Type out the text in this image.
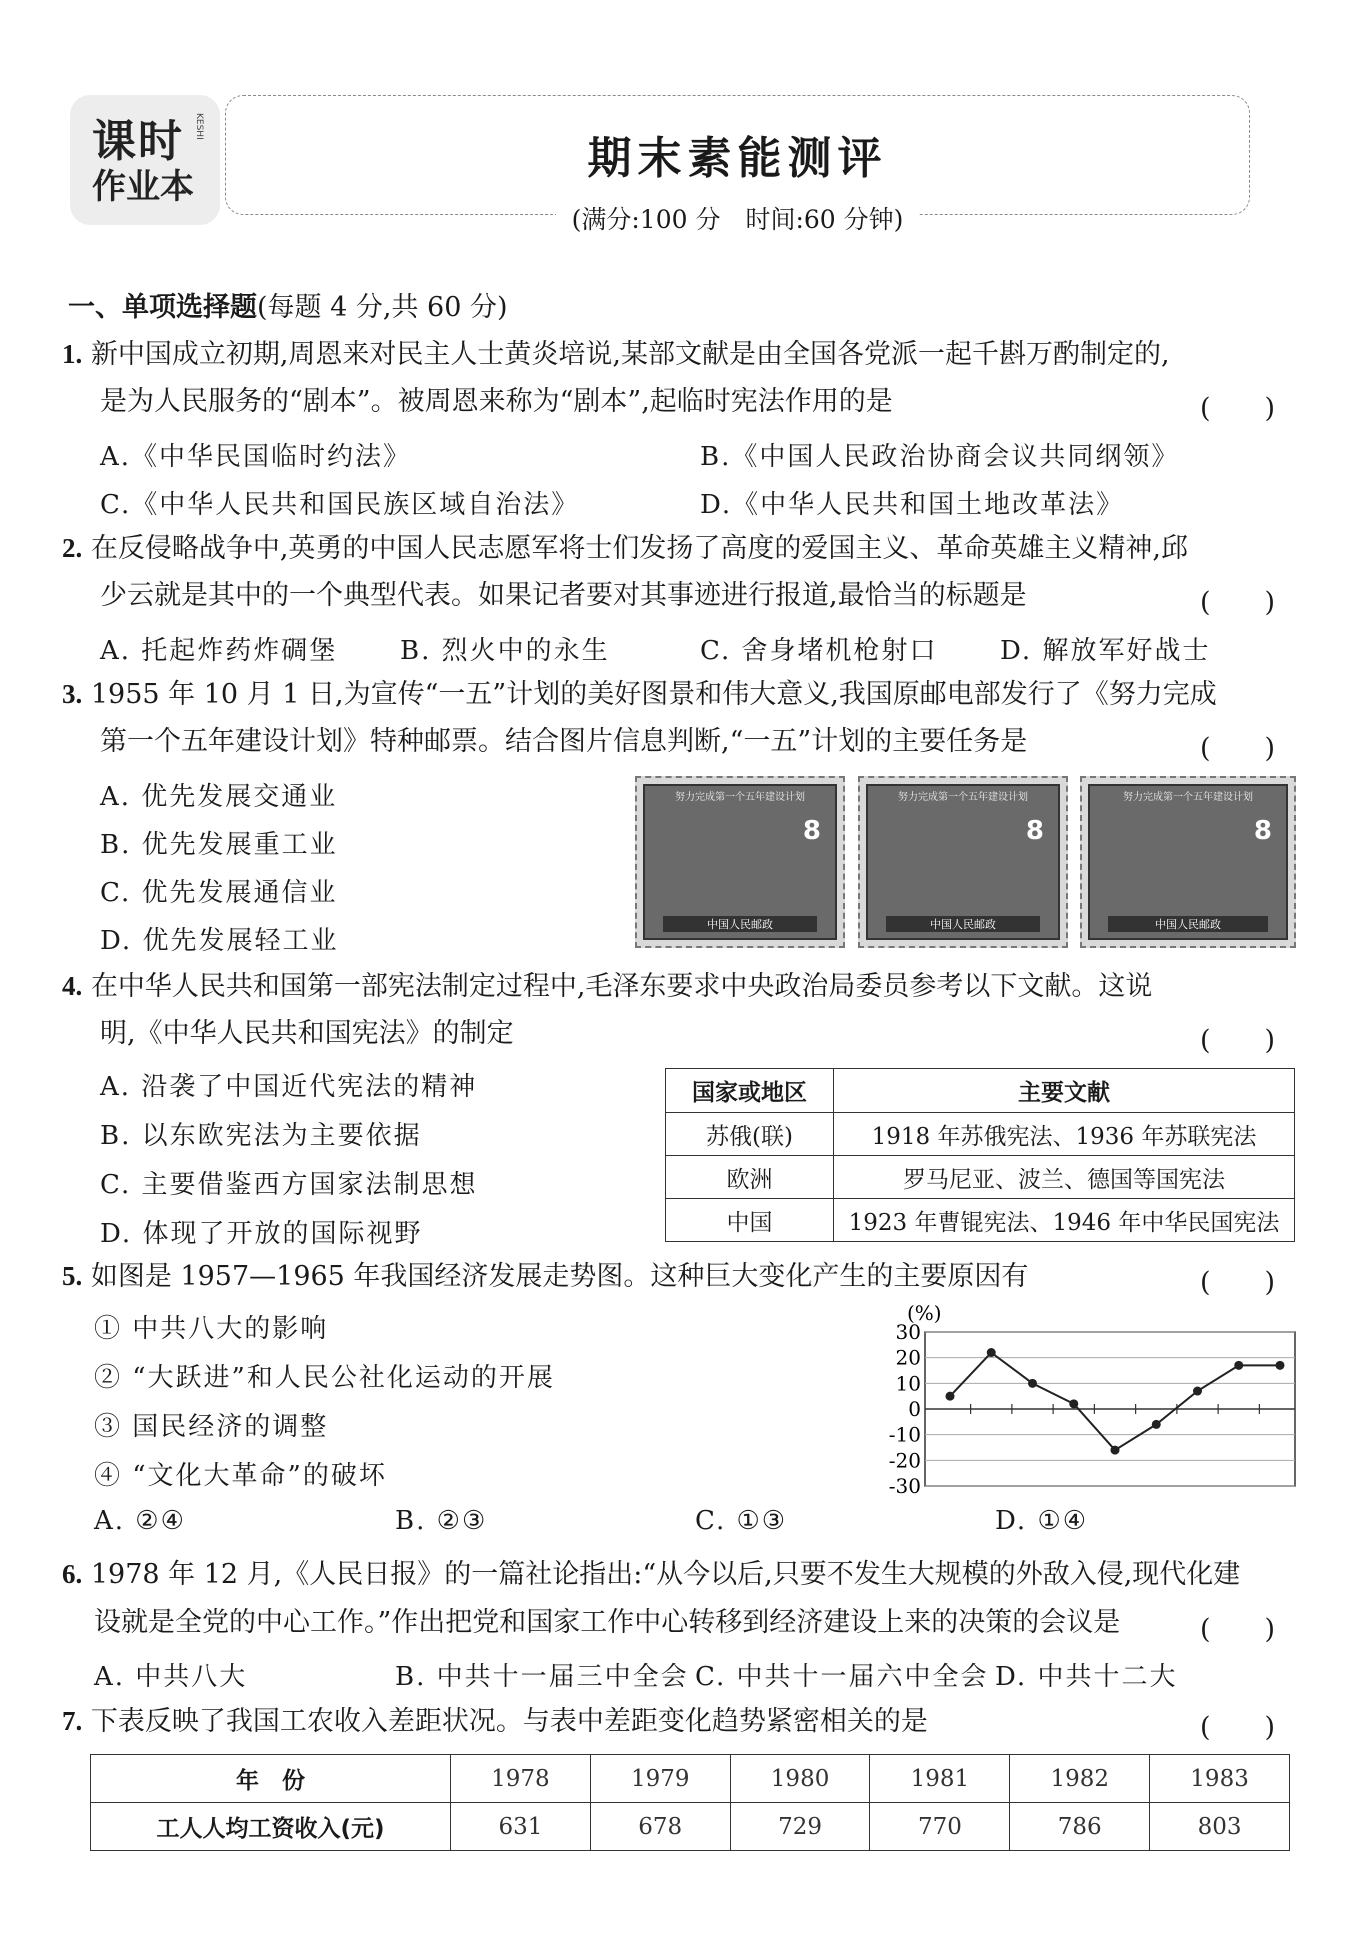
课时 KESHI
作业本
期末素能测评
(满分:100 分　时间:60 分钟)
一、单项选择题(每题 4 分,共 60 分)
1. 新中国成立初期,周恩来对民主人士黄炎培说,某部文献是由全国各党派一起千斟万酌制定的,
是为人民服务的“剧本”。被周恩来称为“剧本”,起临时宪法作用的是	(　　)
A.《中华民国临时约法》	B.《中国人民政治协商会议共同纲领》
C.《中华人民共和国民族区域自治法》	D.《中华人民共和国土地改革法》
2. 在反侵略战争中,英勇的中国人民志愿军将士们发扬了高度的爱国主义、革命英雄主义精神,邱
少云就是其中的一个典型代表。如果记者要对其事迹进行报道,最恰当的标题是	(　　)
A. 托起炸药炸碉堡 B. 烈火中的永生	C. 舍身堵机枪射口 D. 解放军好战士
3. 1955 年 10 月 1 日,为宣传“一五”计划的美好图景和伟大意义,我国原邮电部发行了《努力完成
第一个五年建设计划》特种邮票。结合图片信息判断,“一五”计划的主要任务是	(　　)
A. 优先发展交通业
B. 优先发展重工业
C. 优先发展通信业
D. 优先发展轻工业
努力完成第一个五年建设计划
8
中国人民邮政
努力完成第一个五年建设计划
8
中国人民邮政
努力完成第一个五年建设计划
8
中国人民邮政
4. 在中华人民共和国第一部宪法制定过程中,毛泽东要求中央政治局委员参考以下文献。这说
明,《中华人民共和国宪法》的制定	(　　)
A. 沿袭了中国近代宪法的精神
B. 以东欧宪法为主要依据
C. 主要借鉴西方国家法制思想
D. 体现了开放的国际视野
国家或地区	主要文献
苏俄(联)	1918 年苏俄宪法、1936 年苏联宪法
欧洲	罗马尼亚、波兰、德国等国宪法
中国	1923 年曹锟宪法、1946 年中华民国宪法
5. 如图是 1957—1965 年我国经济发展走势图。这种巨大变化产生的主要原因有	(　　)
① 中共八大的影响
② “大跃进”和人民公社化运动的开展
③ 国民经济的调整
④ “文化大革命”的破坏
A. ②④	B. ②③	C. ①③	D. ①④
(%)
30
20
10
0
-10
-20
-30
6. 1978 年 12 月,《人民日报》的一篇社论指出:“从今以后,只要不发生大规模的外敌入侵,现代化建
设就是全党的中心工作。”作出把党和国家工作中心转移到经济建设上来的决策的会议是	(　　)
A. 中共八大	B. 中共十一届三中全会 C. 中共十一届六中全会 D. 中共十二大
7. 下表反映了我国工农收入差距状况。与表中差距变化趋势紧密相关的是	(　　)
年　份	1978	1979	1980	1981	1982	1983
工人人均工资收入(元)	631	678	729	770	786	803
